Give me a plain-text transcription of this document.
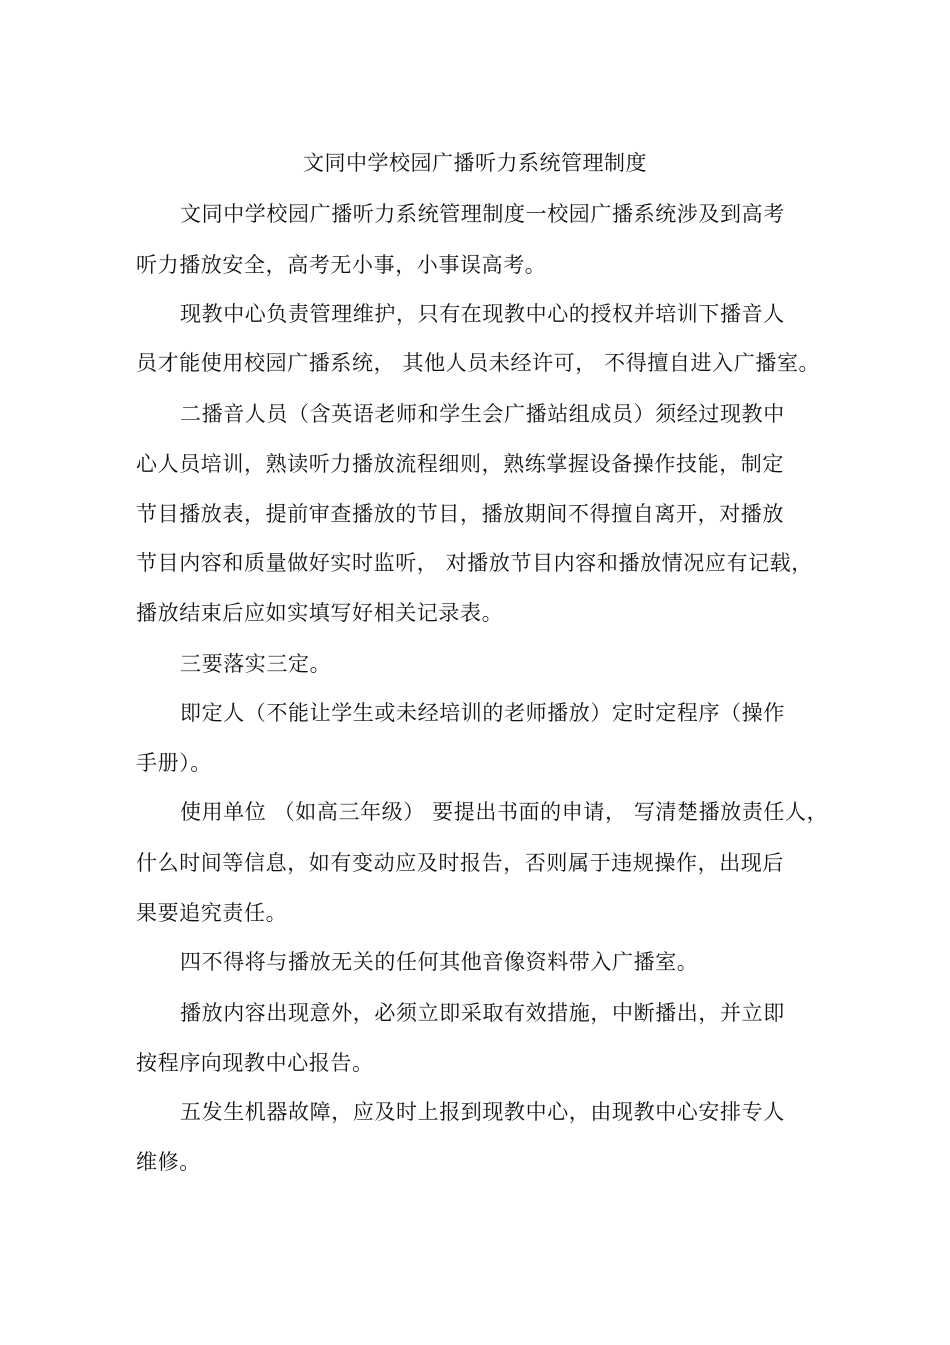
文同中学校园广播听力系统管理制度
文同中学校园广播听力系统管理制度一校园广播系统涉及到高考
听力播放安全，高考无小事，小事误高考。
现教中心负责管理维护，只有在现教中心的授权并培训下播音人
员才能使用校园广播系统， 其他人员未经许可， 不得擅自进入广播室。
二播音人员（含英语老师和学生会广播站组成员）须经过现教中
心人员培训，熟读听力播放流程细则，熟练掌握设备操作技能，制定
节目播放表，提前审查播放的节目，播放期间不得擅自离开，对播放
节目内容和质量做好实时监听， 对播放节目内容和播放情况应有记载，
播放结束后应如实填写好相关记录表。
三要落实三定。
即定人（不能让学生或未经培训的老师播放）定时定程序（操作
手册）。
使用单位 （如高三年级） 要提出书面的申请， 写清楚播放责任人，
什么时间等信息，如有变动应及时报告，否则属于违规操作，出现后
果要追究责任。
四不得将与播放无关的任何其他音像资料带入广播室。
播放内容出现意外，必须立即采取有效措施，中断播出，并立即
按程序向现教中心报告。
五发生机器故障，应及时上报到现教中心，由现教中心安排专人
维修。
